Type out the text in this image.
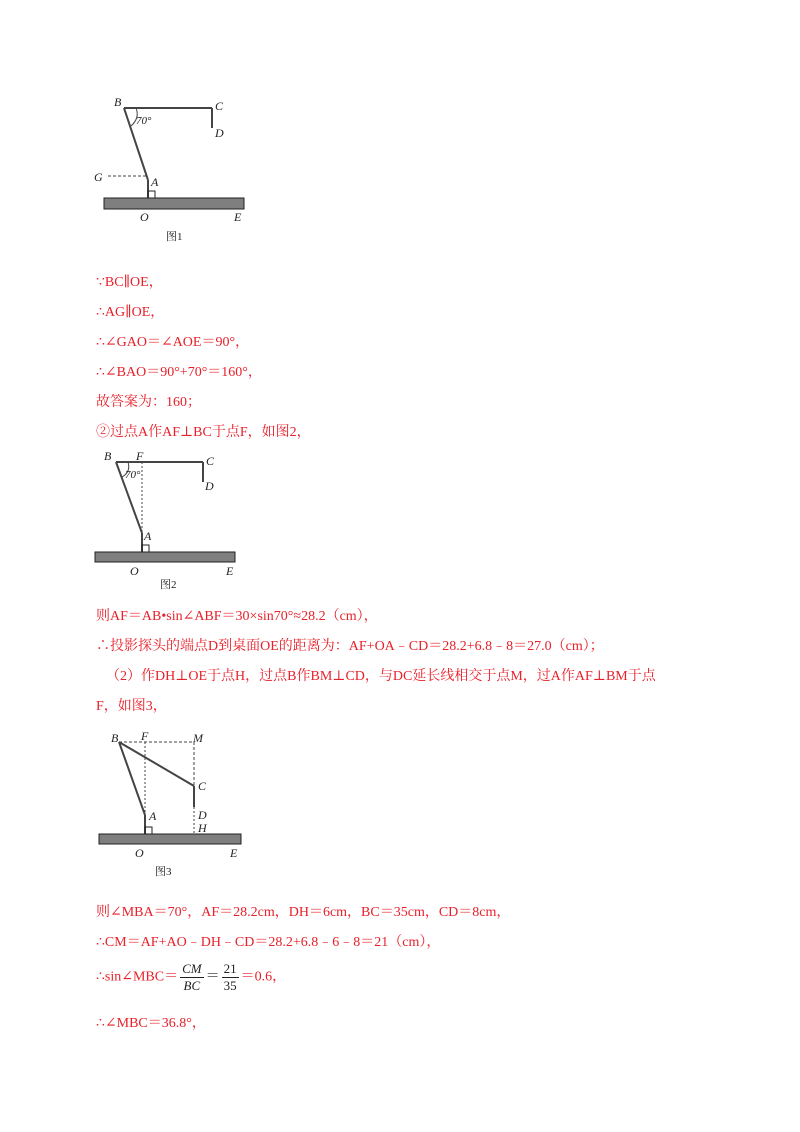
B	C
D
G	A
O	E
70°
图1
B F	C
D
A
O	E
70°
图2
B F	M
C
A	D
H
O	E
图3
∵BC∥OE，
∴AG∥OE，
∴∠GAO＝∠AOE＝90°，
∴∠BAO＝90°+70°＝160°，
故答案为：160；
②过点A作AF⊥BC于点F，如图2，
则AF＝AB•sin∠ABF＝30×sin70°≈28.2（cm），
∴投影探头的端点D到桌面OE的距离为：AF+OA﹣CD＝28.2+6.8﹣8＝27.0（cm）；
（2）作DH⊥OE于点H，过点B作BM⊥CD，与DC延长线相交于点M，过A作AF⊥BM于点
F，如图3，
则∠MBA＝70°，AF＝28.2cm，DH＝6cm，BC＝35cm，CD＝8cm，
∴CM＝AF+AO﹣DH﹣CD＝28.2+6.8﹣6﹣8＝21（cm），
∴sin∠MBC＝ $\frac{CM}{BC} = \frac{21}{35} =0.6$，
∴∠MBC＝36.8°，
